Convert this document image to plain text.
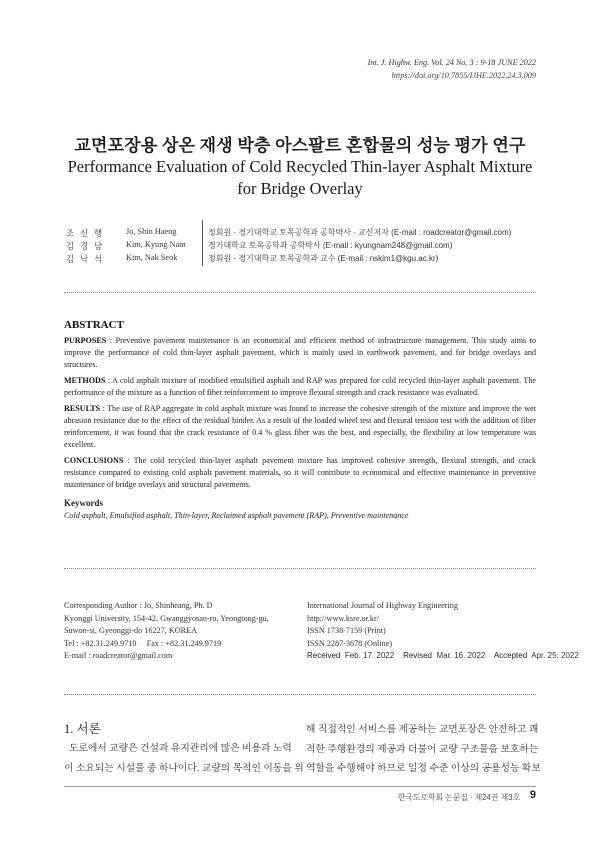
Int. J. Highw. Eng. Vol. 24 No. 3 : 9-18 JUNE 2022
https://doi.org/10.7855/IJHE.2022.24.3.009
교면포장용 상온 재생 박층 아스팔트 혼합물의 성능 평가 연구
Performance Evaluation of Cold Recycled Thin-layer Asphalt Mixture for Bridge Overlay
조 신 행	Jo, Shin Haeng	정회원 · 경기대학교 토목공학과 공학박사 · 교신저자 (E-mail : roadcreator@gmail.com)
김 경 남	Kim, Kyung Nam	경기대학교 토목공학과 공학박사 (E-mail : kyungnam248@gmail.com)
김 낙 석	Kim, Nak Seok	정회원 · 경기대학교 토목공학과 교수 (E-mail : nskim1@kgu.ac.kr)
ABSTRACT

PURPOSES : Preventive pavement maintenance is an economical and efficient method of infrastructure management. This study aims to improve the performance of cold thin-layer asphalt pavement, which is mainly used in earthwork pavement, and for bridge overlays and structures.

METHODS : A cold asphalt mixture of modified emulsified asphalt and RAP was prepared for cold recycled thin-layer asphalt pavement. The performance of the mixture as a function of fiber reinforcement to improve flexural strength and crack resistance was evaluated.

RESULTS : The use of RAP aggregate in cold asphalt mixture was found to increase the cohesive strength of the mixture and improve the wet abrasion resistance due to the effect of the residual binder. As a result of the loaded wheel test and flexural tension test with the addition of fiber reinforcement, it was found that the crack resistance of 0.4 % glass fiber was the best, and especially, the flexibility at low temperature was excellent.

CONCLUSIONS : The cold recycled thin-layer asphalt pavement mixture has improved cohesive strength, flexural strength, and crack resistance compared to existing cold asphalt pavement materials, so it will contribute to economical and effective maintenance in preventive maintenance of bridge overlays and structural pavements.

Keywords
Cold asphalt, Emulsified asphalt, Thin-layer, Reclaimed asphalt pavement (RAP), Preventive maintenance
Corresponding Author : Jo, Shinheang, Ph. D
Kyonggi University, 154-42, Gwanggyosan-ro, Yeongtong-gu,
Suwon-si, Gyeonggi-do 16227, KOREA
Tel : +82.31.249.9710     Fax : +82.31.249.9719
E-mail : roadcreator@gmail.com
International Journal of Highway Engineering
http://www.ksre.or.kr/
ISSN 1738-7159 (Print)
ISSN 2287-3678 (Online)
Received Feb. 17. 2022 Revised Mar. 16. 2022 Accepted Apr. 25. 2022
1. 서론
도로에서 교량은 건설과 유지관리에 많은 비용과 노력
이 소요되는 시설물 중 하나이다. 교량의 목적인 이동을 위
해 직접적인 서비스를 제공하는 교면포장은 안전하고 쾌
적한 주행환경의 제공과 더불어 교량 구조물을 보호하는
역할을 수행해야 하므로 일정 수준 이상의 공용성능 확보
한국도로학회 논문집 · 제24권 제3호 9
